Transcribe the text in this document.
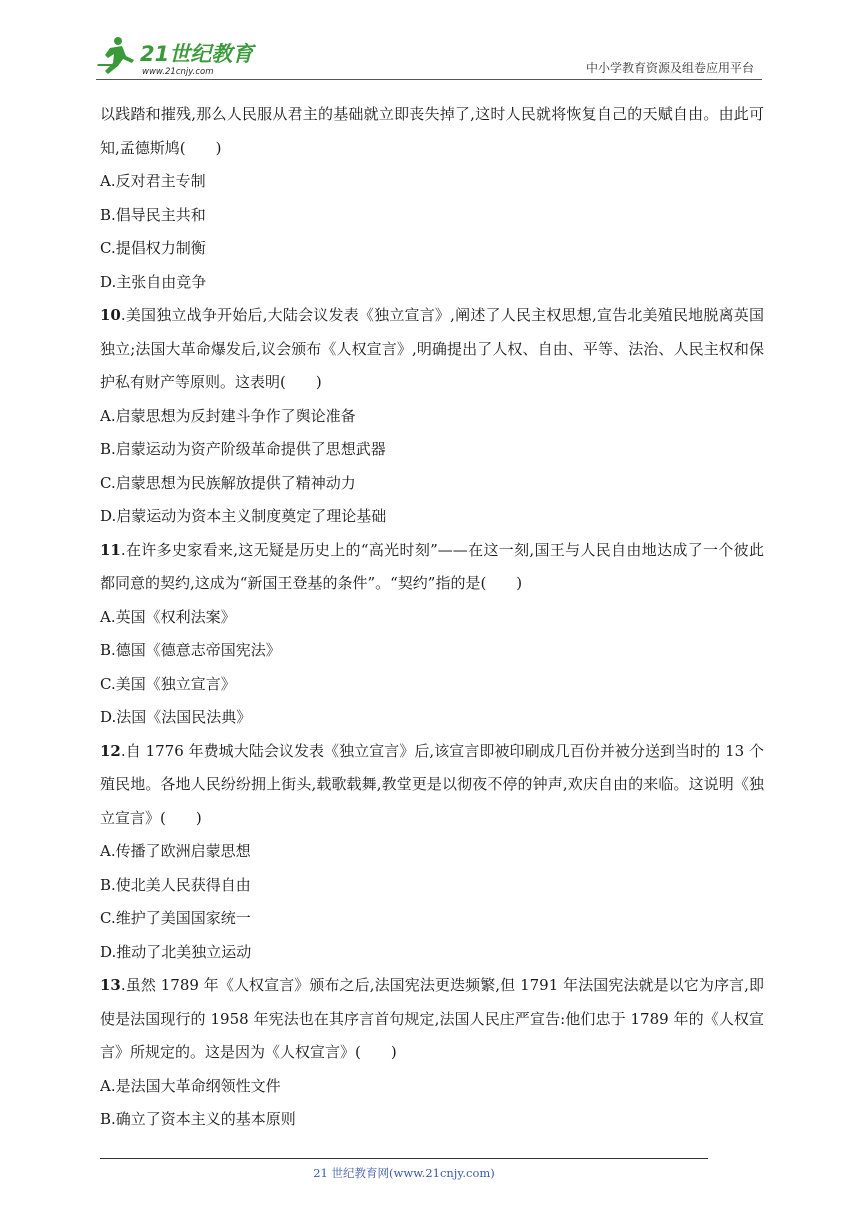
21世纪教育
www.21cnjy.com	中小学教育资源及组卷应用平台

以践踏和摧残,那么人民服从君主的基础就立即丧失掉了,这时人民就将恢复自己的天赋自由。由此可知,孟德斯鸠(　　)

A.反对君主专制

B.倡导民主共和

C.提倡权力制衡

D.主张自由竞争

10.美国独立战争开始后,大陆会议发表《独立宣言》,阐述了人民主权思想,宣告北美殖民地脱离英国独立;法国大革命爆发后,议会颁布《人权宣言》,明确提出了人权、自由、平等、法治、人民主权和保护私有财产等原则。这表明(　　)

A.启蒙思想为反封建斗争作了舆论准备

B.启蒙运动为资产阶级革命提供了思想武器

C.启蒙思想为民族解放提供了精神动力

D.启蒙运动为资本主义制度奠定了理论基础

11.在许多史家看来,这无疑是历史上的“高光时刻”——在这一刻,国王与人民自由地达成了一个彼此都同意的契约,这成为“新国王登基的条件”。“契约”指的是(　　)

A.英国《权利法案》

B.德国《德意志帝国宪法》

C.美国《独立宣言》

D.法国《法国民法典》

12.自 1776 年费城大陆会议发表《独立宣言》后,该宣言即被印刷成几百份并被分送到当时的 13 个殖民地。各地人民纷纷拥上街头,载歌载舞,教堂更是以彻夜不停的钟声,欢庆自由的来临。这说明《独立宣言》(　　)

A.传播了欧洲启蒙思想

B.使北美人民获得自由

C.维护了美国国家统一

D.推动了北美独立运动

13.虽然 1789 年《人权宣言》颁布之后,法国宪法更迭频繁,但 1791 年法国宪法就是以它为序言,即使是法国现行的 1958 年宪法也在其序言首句规定,法国人民庄严宣告:他们忠于 1789 年的《人权宣言》所规定的。这是因为《人权宣言》(　　)

A.是法国大革命纲领性文件

B.确立了资本主义的基本原则

21 世纪教育网(www.21cnjy.com)
